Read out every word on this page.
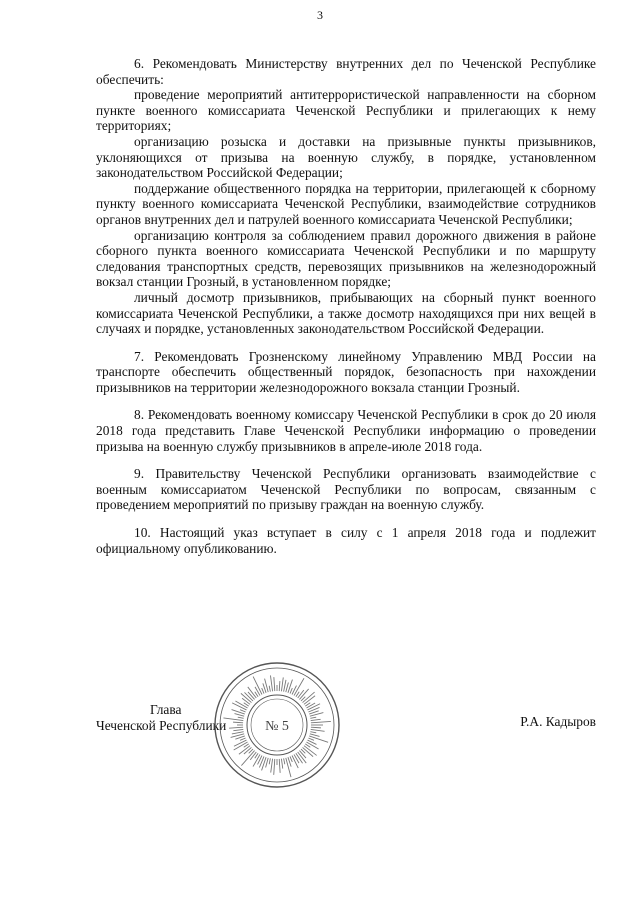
3

6. Рекомендовать Министерству внутренних дел по Чеченской Республике обеспечить:

проведение мероприятий антитеррористической направленности на сборном пункте военного комиссариата Чеченской Республики и прилегающих к нему территориях;

организацию розыска и доставки на призывные пункты призывников, уклоняющихся от призыва на военную службу, в порядке, установленном законодательством Российской Федерации;

поддержание общественного порядка на территории, прилегающей к сборному пункту военного комиссариата Чеченской Республики, взаимодействие сотрудников органов внутренних дел и патрулей военного комиссариата Чеченской Республики;

организацию контроля за соблюдением правил дорожного движения в районе сборного пункта военного комиссариата Чеченской Республики и по маршруту следования транспортных средств, перевозящих призывников на железнодорожный вокзал станции Грозный, в установленном порядке;

личный досмотр призывников, прибывающих на сборный пункт военного комиссариата Чеченской Республики, а также досмотр находящихся при них вещей в случаях и порядке, установленных законодательством Российской Федерации.

7. Рекомендовать Грозненскому линейному Управлению МВД России на транспорте обеспечить общественный порядок, безопасность при нахождении призывников на территории железнодорожного вокзала станции Грозный.

8. Рекомендовать военному комиссару Чеченской Республики в срок до 20 июля 2018 года представить Главе Чеченской Республики информацию о проведении призыва на военную службу призывников в апреле-июле 2018 года.

9. Правительству Чеченской Республики организовать взаимодействие с военным комиссариатом Чеченской Республики по вопросам, связанным с проведением мероприятий по призыву граждан на военную службу.

10. Настоящий указ вступает в силу с 1 апреля 2018 года и подлежит официальному опубликованию.

Глава
Чеченской Республики	Р.А. Кадыров
№ 5
